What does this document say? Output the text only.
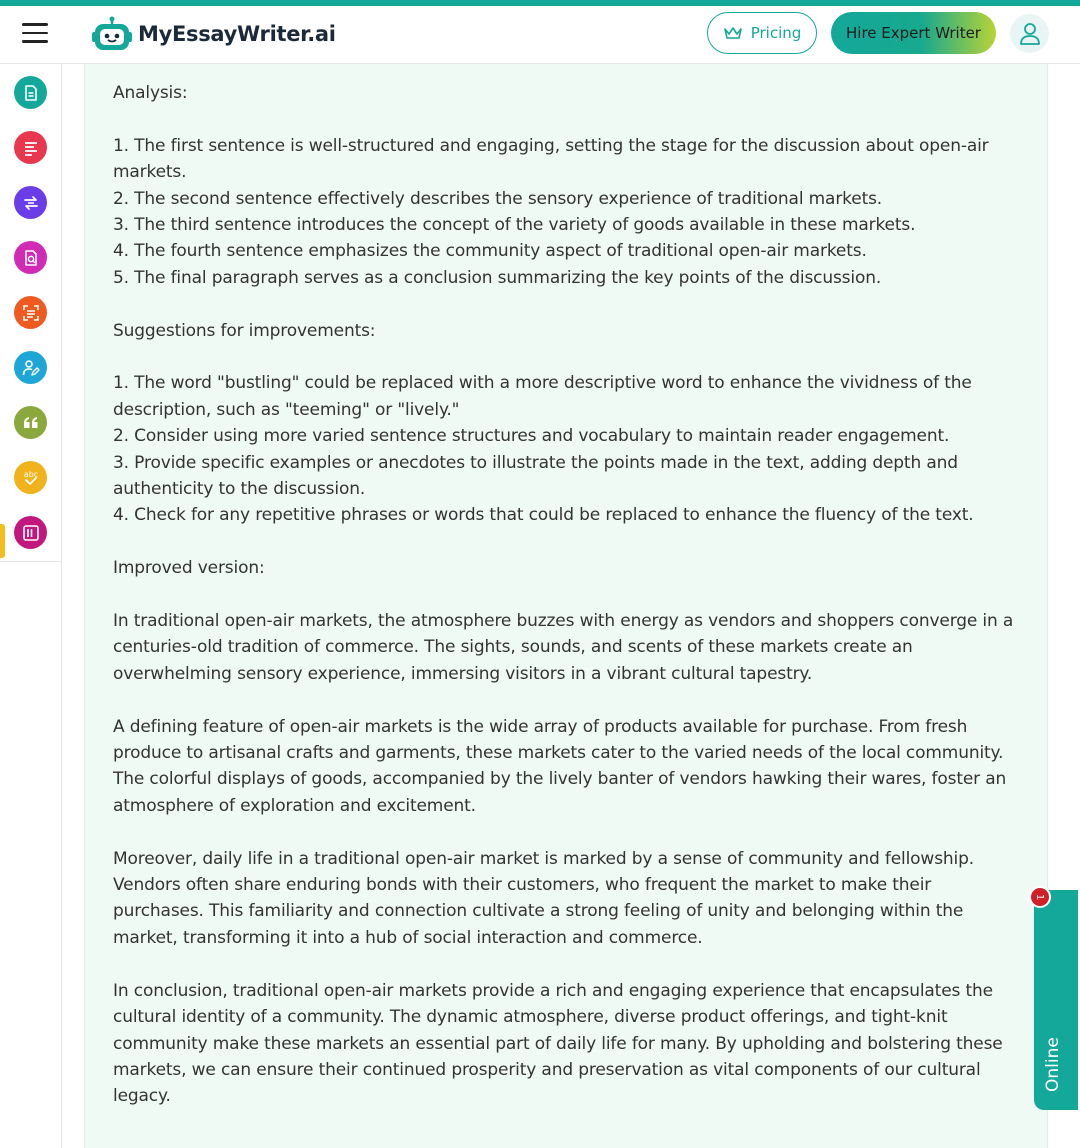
MyEssayWriter.ai	Pricing	Hire Expert Writer
abc

Analysis:

1. The first sentence is well-structured and engaging, setting the stage for the discussion about open-air markets.

2. The second sentence effectively describes the sensory experience of traditional markets.

3. The third sentence introduces the concept of the variety of goods available in these markets.

4. The fourth sentence emphasizes the community aspect of traditional open-air markets.

5. The final paragraph serves as a conclusion summarizing the key points of the discussion.

Suggestions for improvements:

1. The word "bustling" could be replaced with a more descriptive word to enhance the vividness of the description, such as "teeming" or "lively."

2. Consider using more varied sentence structures and vocabulary to maintain reader engagement.

3. Provide specific examples or anecdotes to illustrate the points made in the text, adding depth and authenticity to the discussion.

4. Check for any repetitive phrases or words that could be replaced to enhance the fluency of the text.

Improved version:

In traditional open-air markets, the atmosphere buzzes with energy as vendors and shoppers converge in a centuries-old tradition of commerce. The sights, sounds, and scents of these markets create an overwhelming sensory experience, immersing visitors in a vibrant cultural tapestry.

A defining feature of open-air markets is the wide array of products available for purchase. From fresh produce to artisanal crafts and garments, these markets cater to the varied needs of the local community. The colorful displays of goods, accompanied by the lively banter of vendors hawking their wares, foster an atmosphere of exploration and excitement.

Moreover, daily life in a traditional open-air market is marked by a sense of community and fellowship. Vendors often share enduring bonds with their customers, who frequent the market to make their purchases. This familiarity and connection cultivate a strong feeling of unity and belonging within the market, transforming it into a hub of social interaction and commerce.

In conclusion, traditional open-air markets provide a rich and engaging experience that encapsulates the cultural identity of a community. The dynamic atmosphere, diverse product offerings, and tight-knit community make these markets an essential part of daily life for many. By upholding and bolstering these markets, we can ensure their continued prosperity and preservation as vital components of our cultural legacy.

Online
1
